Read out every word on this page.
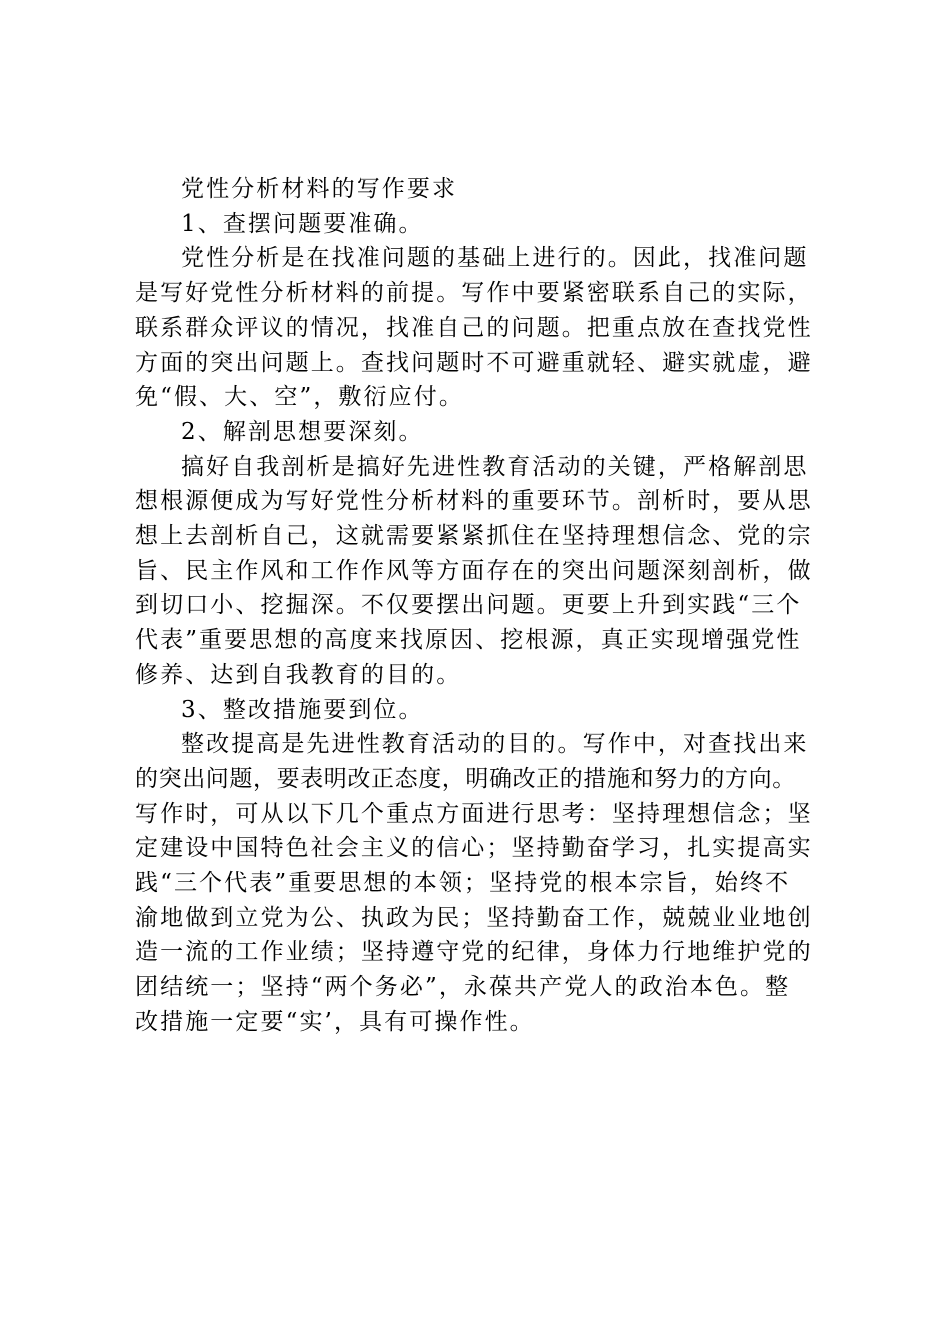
党性分析材料的写作要求
1、查摆问题要准确。
党性分析是在找准问题的基础上进行的。因此，找准问题
是写好党性分析材料的前提。写作中要紧密联系自己的实际，
联系群众评议的情况，找准自己的问题。把重点放在查找党性
方面的突出问题上。查找问题时不可避重就轻、避实就虚，避
免“假、大、空”，敷衍应付。
2、解剖思想要深刻。
搞好自我剖析是搞好先进性教育活动的关键，严格解剖思
想根源便成为写好党性分析材料的重要环节。剖析时，要从思
想上去剖析自己，这就需要紧紧抓住在坚持理想信念、党的宗
旨、民主作风和工作作风等方面存在的突出问题深刻剖析，做
到切口小、挖掘深。不仅要摆出问题。更要上升到实践“三个
代表”重要思想的高度来找原因、挖根源，真正实现增强党性
修养、达到自我教育的目的。
3、整改措施要到位。
整改提高是先进性教育活动的目的。写作中，对查找出来
的突出问题，要表明改正态度，明确改正的措施和努力的方向。
写作时，可从以下几个重点方面进行思考：坚持理想信念；坚
定建设中国特色社会主义的信心；坚持勤奋学习，扎实提高实
践“三个代表”重要思想的本领；坚持党的根本宗旨，始终不
渝地做到立党为公、执政为民；坚持勤奋工作，兢兢业业地创
造一流的工作业绩；坚持遵守党的纪律，身体力行地维护党的
团结统一；坚持“两个务必”，永葆共产党人的政治本色。整
改措施一定要“实’，具有可操作性。
